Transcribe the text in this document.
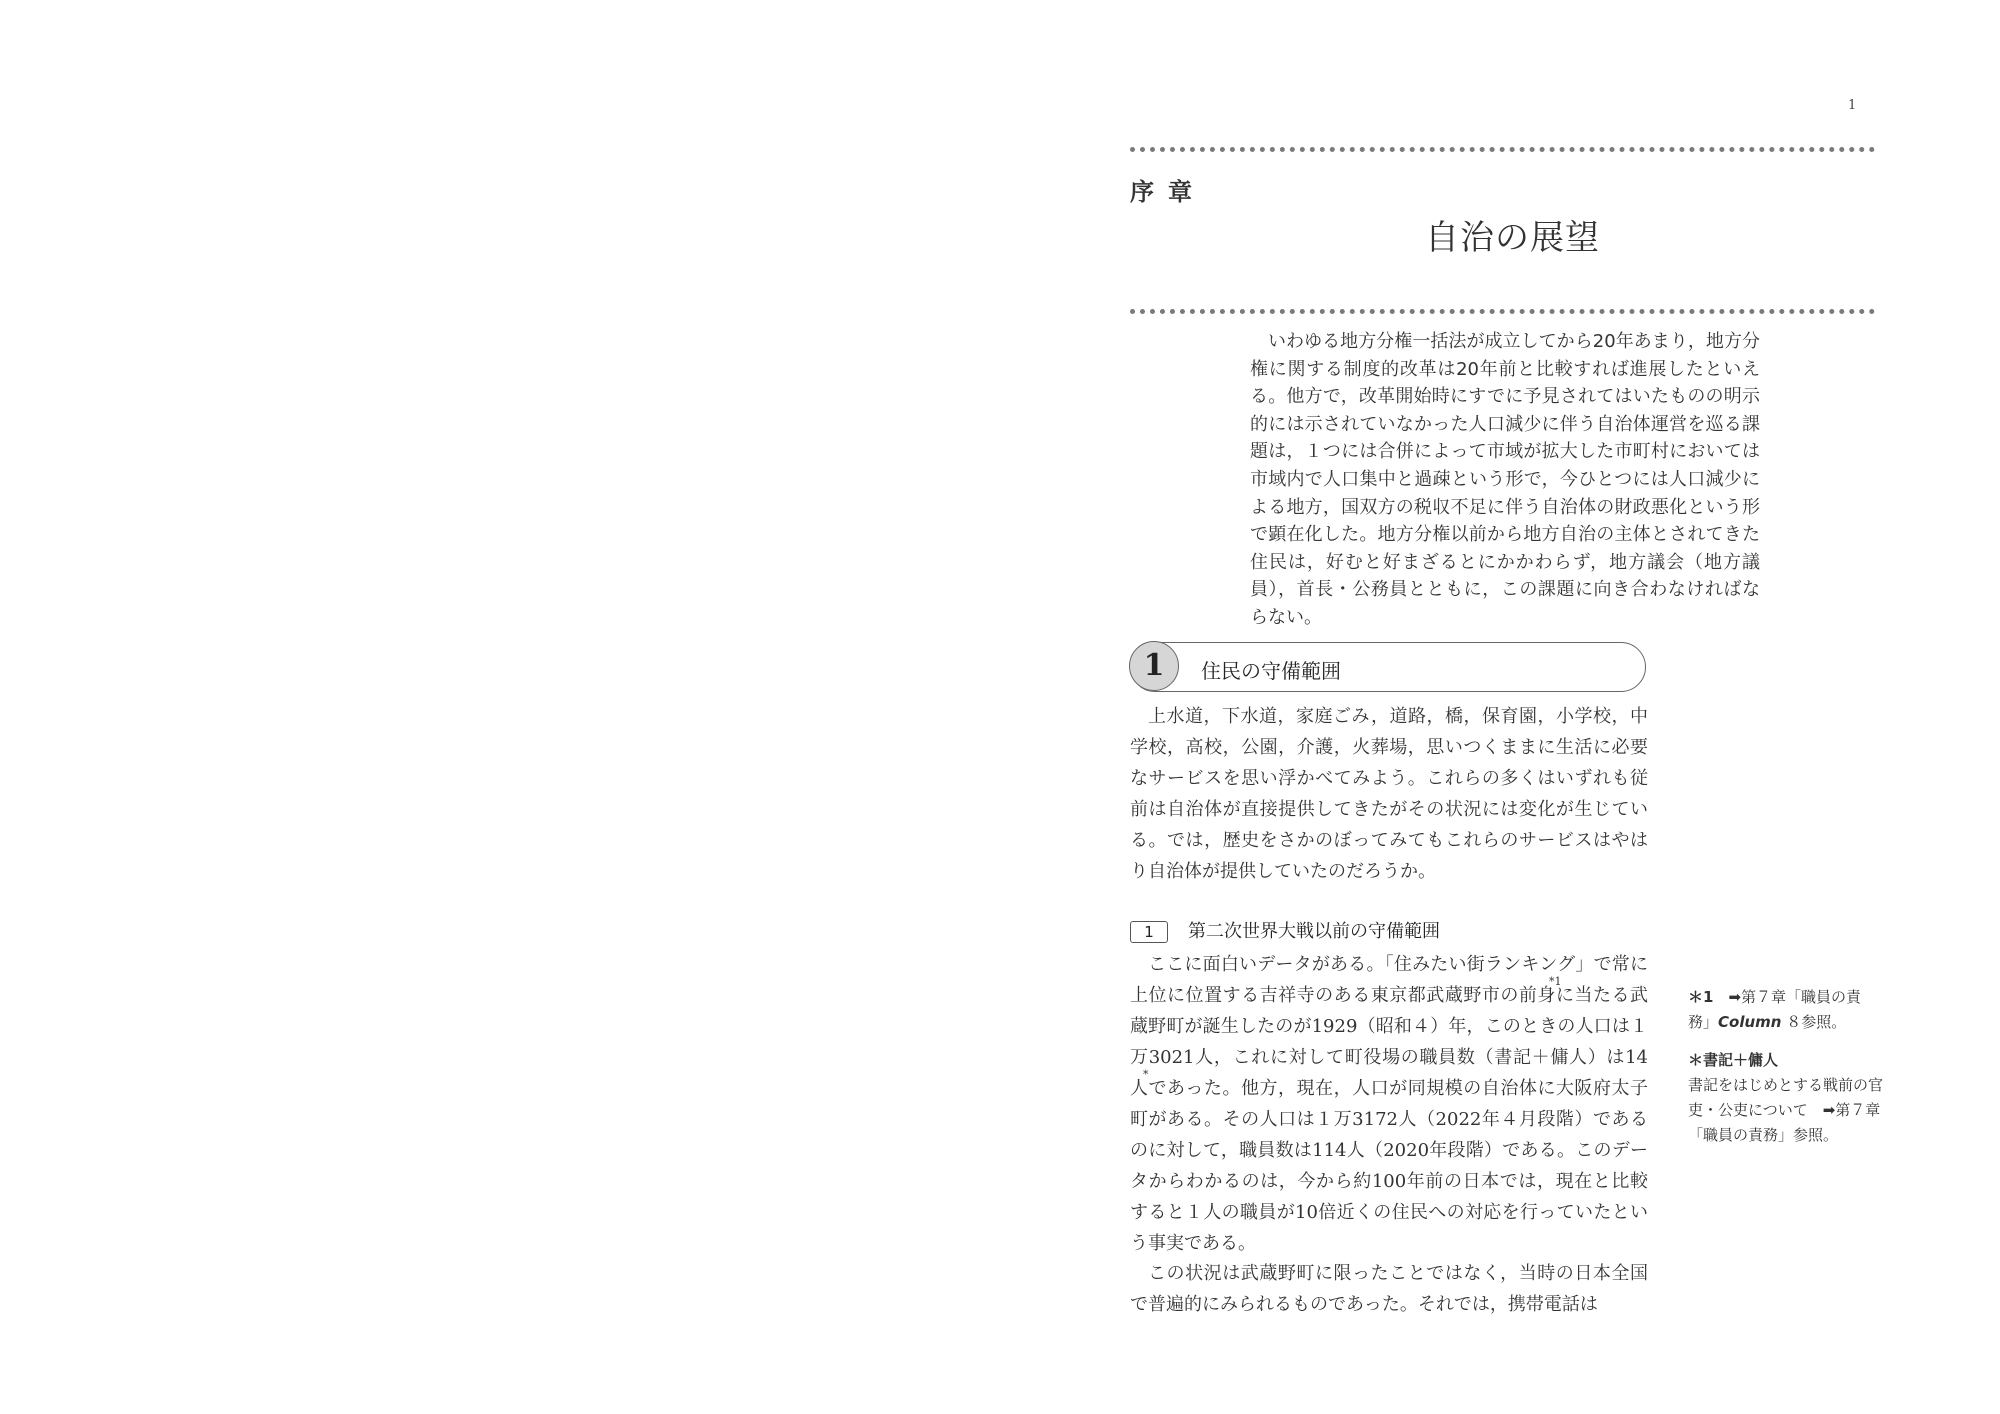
1
序章
自治の展望

いわゆる地方分権一括法が成立してから20年あまり，地方分権に関する制度的改革は20年前と比較すれば進展したといえる。他方で，改革開始時にすでに予見されてはいたものの明示的には示されていなかった人口減少に伴う自治体運営を巡る課題は，１つには合併によって市域が拡大した市町村においては市域内で人口集中と過疎という形で，今ひとつには人口減少による地方，国双方の税収不足に伴う自治体の財政悪化という形で顕在化した。地方分権以前から地方自治の主体とされてきた住民は，好むと好まざるとにかかわらず，地方議会（地方議員），首長・公務員とともに，この課題に向き合わなければならない。

1	住民の守備範囲

上水道，下水道，家庭ごみ，道路，橋，保育園，小学校，中学校，高校，公園，介護，火葬場，思いつくままに生活に必要なサービスを思い浮かべてみよう。これらの多くはいずれも従前は自治体が直接提供してきたがその状況には変化が生じている。では，歴史をさかのぼってみてもこれらのサービスはやはり自治体が提供していたのだろうか。

1 第二次世界大戦以前の守備範囲

ここに面白いデータがある。「住みたい街ランキング」で常に上位に位置する吉祥寺のある東京都武蔵野市の前身に当たる武蔵野町が誕生したのが1929（昭和４）年，このときの人口は１万3021人，これに対して町役場の職員数（書記＋傭人）は14人であった。他方，現在，人口が同規模の自治体に大阪府太子町がある。その人口は１万3172人（2022年４月段階）であるのに対して，職員数は114人（2020年段階）である。このデータからわかるのは，今から約100年前の日本では，現在と比較すると１人の職員が10倍近くの住民への対応を行っていたという事実である。

*1
*

この状況は武蔵野町に限ったことではなく，当時の日本全国で普遍的にみられるものであった。それでは，携帯電話は

＊1　 ➡第７章「職員の責務」Column ８参照。

＊書記＋傭人
書記をはじめとする戦前の官吏・公吏について　 ➡第７章「職員の責務」参照。
